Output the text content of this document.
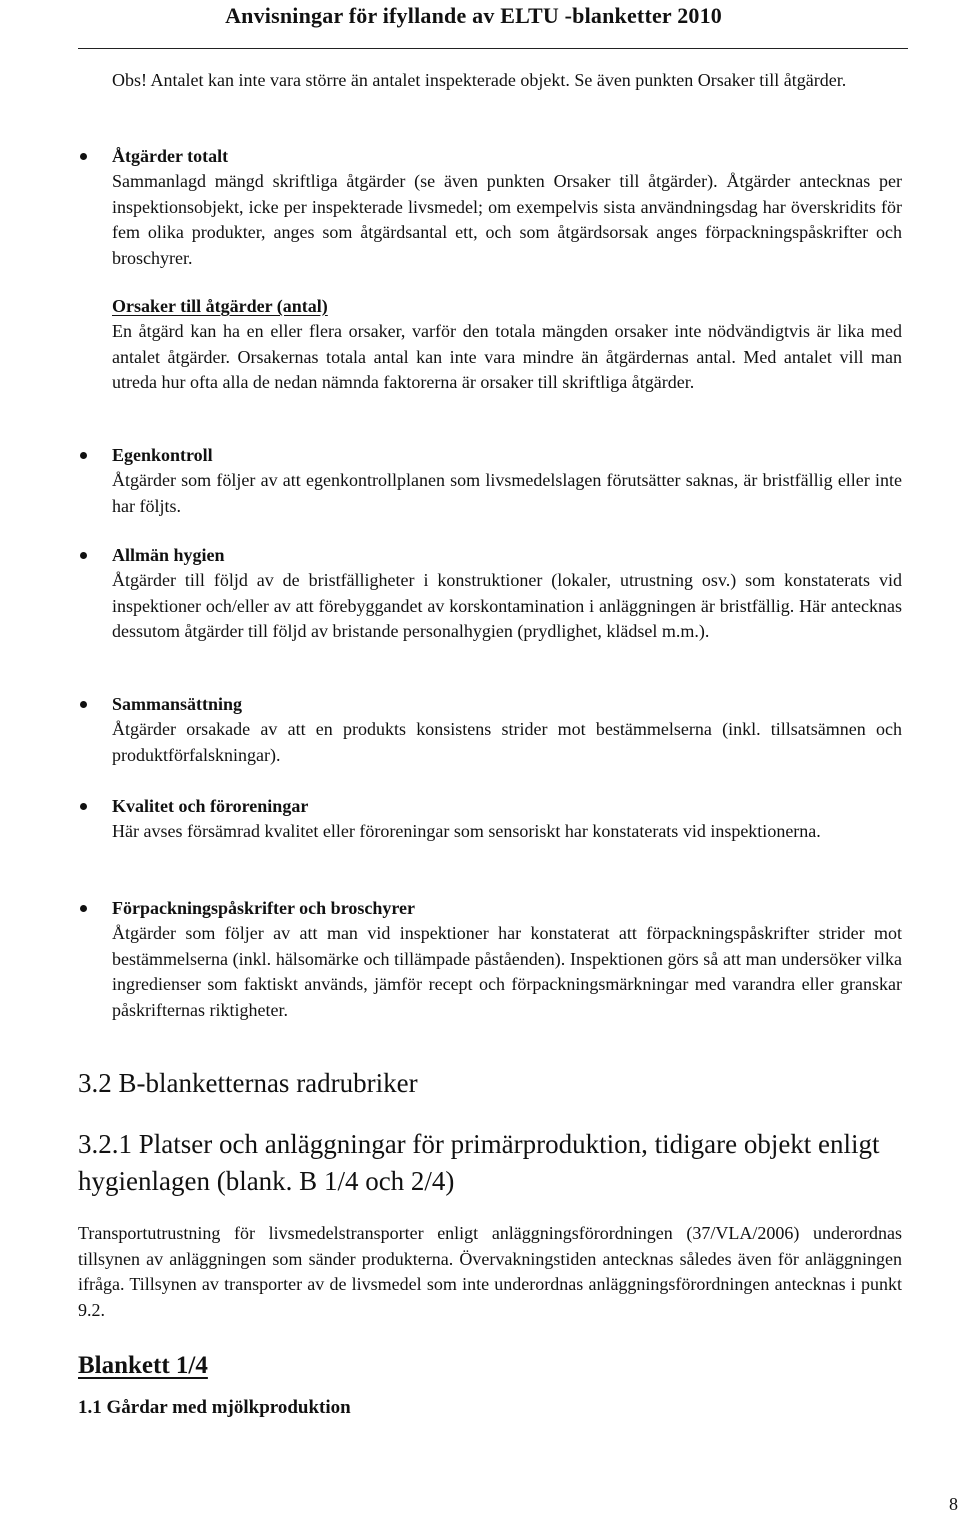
Anvisningar för ifyllande av ELTU -blanketter 2010
Obs! Antalet kan inte vara större än antalet inspekterade objekt. Se även punkten Orsaker till åtgärder.
Åtgärder totalt
Sammanlagd mängd skriftliga åtgärder (se även punkten Orsaker till åtgärder). Åtgärder antecknas per inspektionsobjekt, icke per inspekterade livsmedel; om exempelvis sista användningsdag har överskridits för fem olika produkter, anges som åtgärdsantal ett, och som åtgärdsorsak anges förpackningspåskrifter och broschyrer.
Orsaker till åtgärder (antal)
En åtgärd kan ha en eller flera orsaker, varför den totala mängden orsaker inte nödvändigtvis är lika med antalet åtgärder. Orsakernas totala antal kan inte vara mindre än åtgärdernas antal. Med antalet vill man utreda hur ofta alla de nedan nämnda faktorerna är orsaker till skriftliga åtgärder.
Egenkontroll
Åtgärder som följer av att egenkontrollplanen som livsmedelslagen förutsätter saknas, är bristfällig eller inte har följts.
Allmän hygien
Åtgärder till följd av de bristfälligheter i konstruktioner (lokaler, utrustning osv.) som konstaterats vid inspektioner och/eller av att förebyggandet av korskontamination i anläggningen är bristfällig. Här antecknas dessutom åtgärder till följd av bristande personalhygien (prydlighet, klädsel m.m.).
Sammansättning
Åtgärder orsakade av att en produkts konsistens strider mot bestämmelserna (inkl. tillsatsämnen och produktförfalskningar).
Kvalitet och föroreningar
Här avses försämrad kvalitet eller föroreningar som sensoriskt har konstaterats vid inspektionerna.
Förpackningspåskrifter och broschyrer
Åtgärder som följer av att man vid inspektioner har konstaterat att förpackningspåskrifter strider mot bestämmelserna (inkl. hälsomärke och tillämpade påståenden). Inspektionen görs så att man undersöker vilka ingredienser som faktiskt används, jämför recept och förpackningsmärkningar med varandra eller granskar påskrifternas riktigheter.
3.2 B-blanketternas radrubriker
3.2.1 Platser och anläggningar för primärproduktion, tidigare objekt enligt hygienlagen (blank. B 1/4 och 2/4)
Transportutrustning för livsmedelstransporter enligt anläggningsförordningen (37/VLA/2006) underordnas tillsynen av anläggningen som sänder produkterna. Övervakningstiden antecknas således även för anläggningen ifråga. Tillsynen av transporter av de livsmedel som inte underordnas anläggningsförordningen antecknas i punkt 9.2.
Blankett 1/4
1.1 Gårdar med mjölkproduktion
8
